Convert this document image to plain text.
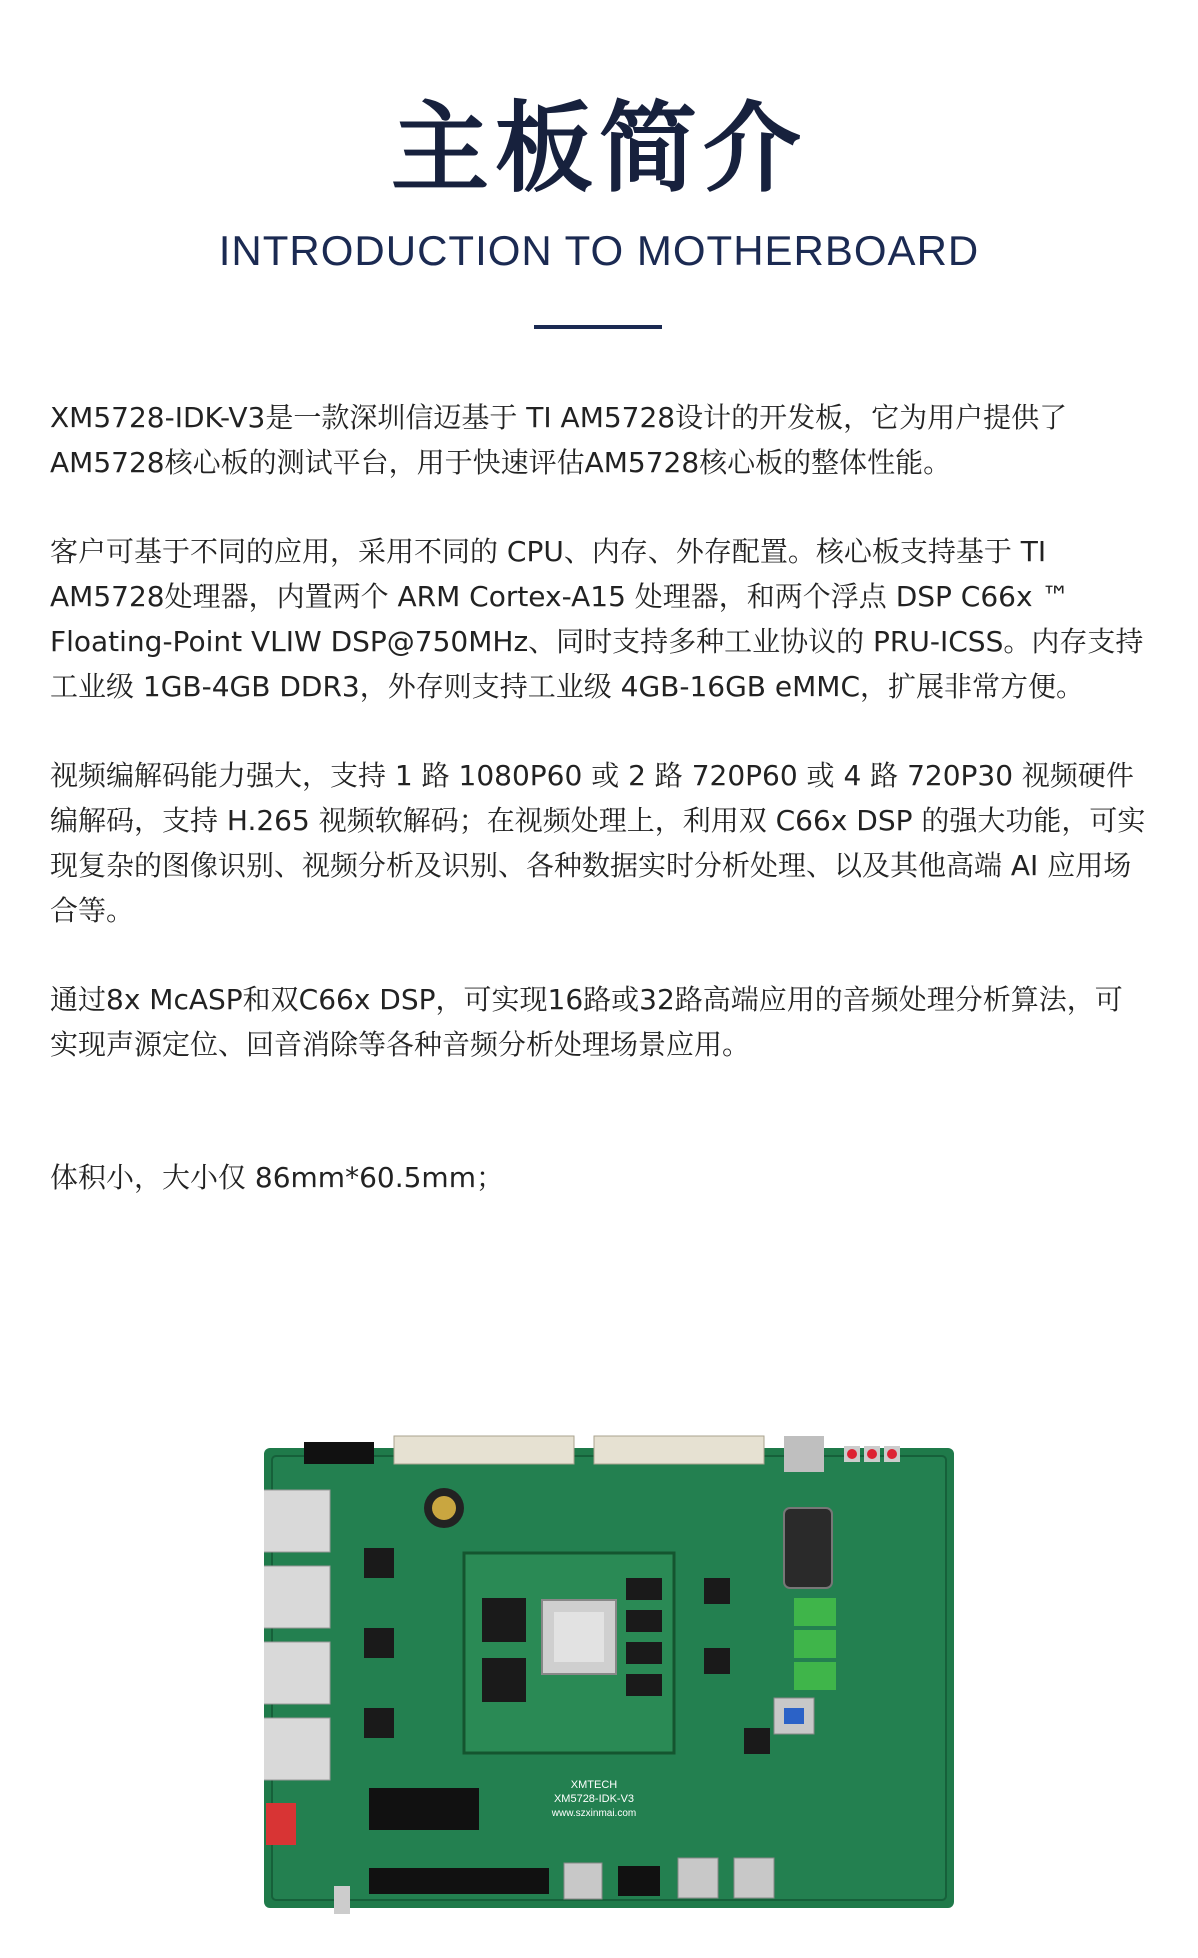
主板简介
INTRODUCTION TO MOTHERBOARD

XM5728-IDK-V3是一款深圳信迈基于 TI AM5728设计的开发板，它为用户提供了AM5728核心板的测试平台，用于快速评估AM5728核心板的整体性能。

客户可基于不同的应用，采用不同的 CPU、内存、外存配置。核心板支持基于 TI AM5728处理器，内置两个 ARM Cortex-A15 处理器，和两个浮点 DSP C66x ™ Floating-Point VLIW DSP@750MHz、同时支持多种工业协议的 PRU-ICSS。内存支持工业级 1GB-4GB DDR3，外存则支持工业级 4GB-16GB eMMC，扩展非常方便。

视频编解码能力强大，支持 1 路 1080P60 或 2 路 720P60 或 4 路 720P30 视频硬件编解码，支持 H.265 视频软解码；在视频处理上，利用双 C66x DSP 的强大功能，可实现复杂的图像识别、视频分析及识别、各种数据实时分析处理、以及其他高端 AI 应用场合等。

通过8x McASP和双C66x DSP，可实现16路或32路高端应用的音频处理分析算法，可实现声源定位、回音消除等各种音频分析处理场景应用。

体积小，大小仅 86mm*60.5mm；

XMTECH
XM5728-IDK-V3
www.szxinmai.com
